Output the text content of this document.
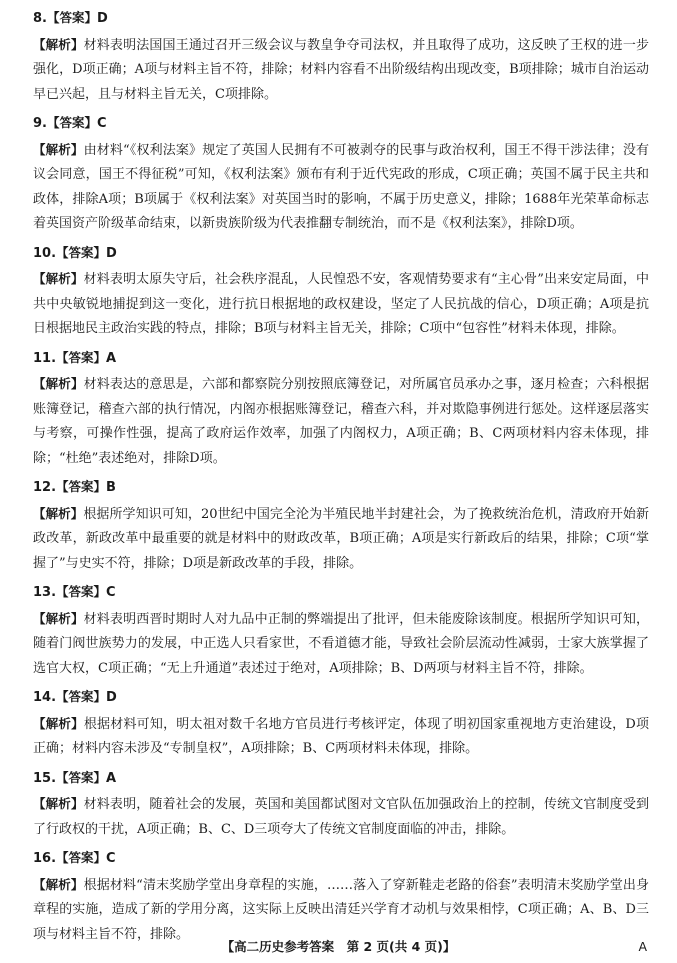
8.【答案】D
【解析】材料表明法国国王通过召开三级会议与教皇争夺司法权，并且取得了成功，这反映了王权的进一步强化，D项正确；A项与材料主旨不符，排除；材料内容看不出阶级结构出现改变，B项排除；城市自治运动早已兴起，且与材料主旨无关，C项排除。
9.【答案】C
【解析】由材料“《权利法案》规定了英国人民拥有不可被剥夺的民事与政治权利，国王不得干涉法律；没有议会同意，国王不得征税”可知，《权利法案》颁布有利于近代宪政的形成，C项正确；英国不属于民主共和政体，排除A项；B项属于《权利法案》对英国当时的影响，不属于历史意义，排除；1688年光荣革命标志着英国资产阶级革命结束，以新贵族阶级为代表推翻专制统治，而不是《权利法案》，排除D项。
10.【答案】D
【解析】材料表明太原失守后，社会秩序混乱，人民惶恐不安，客观情势要求有“主心骨”出来安定局面，中共中央敏锐地捕捉到这一变化，进行抗日根据地的政权建设，坚定了人民抗战的信心，D项正确；A项是抗日根据地民主政治实践的特点，排除；B项与材料主旨无关，排除；C项中“包容性”材料未体现，排除。
11.【答案】A
【解析】材料表达的意思是，六部和都察院分别按照底簿登记，对所属官员承办之事，逐月检查；六科根据账簿登记，稽查六部的执行情况，内阁亦根据账簿登记，稽查六科，并对欺隐事例进行惩处。这样逐层落实与考察，可操作性强，提高了政府运作效率，加强了内阁权力，A项正确；B、C两项材料内容未体现，排除；“杜绝”表述绝对，排除D项。
12.【答案】B
【解析】根据所学知识可知，20世纪中国完全沦为半殖民地半封建社会，为了挽救统治危机，清政府开始新政改革，新政改革中最重要的就是材料中的财政改革，B项正确；A项是实行新政后的结果，排除；C项“掌握了”与史实不符，排除；D项是新政改革的手段，排除。
13.【答案】C
【解析】材料表明西晋时期时人对九品中正制的弊端提出了批评，但未能废除该制度。根据所学知识可知，随着门阀世族势力的发展，中正选人只看家世，不看道德才能，导致社会阶层流动性减弱，士家大族掌握了选官大权，C项正确；“无上升通道”表述过于绝对，A项排除；B、D两项与材料主旨不符，排除。
14.【答案】D
【解析】根据材料可知，明太祖对数千名地方官员进行考核评定，体现了明初国家重视地方吏治建设，D项正确；材料内容未涉及“专制皇权”，A项排除；B、C两项材料未体现，排除。
15.【答案】A
【解析】材料表明，随着社会的发展，英国和美国都试图对文官队伍加强政治上的控制，传统文官制度受到了行政权的干扰，A项正确；B、C、D三项夸大了传统文官制度面临的冲击，排除。
16.【答案】C
【解析】根据材料“清末奖励学堂出身章程的实施，……落入了穿新鞋走老路的俗套”表明清末奖励学堂出身章程的实施，造成了新的学用分离，这实际上反映出清廷兴学育才动机与效果相悖，C项正确；A、B、D三项与材料主旨不符，排除。
【高二历史参考答案　第 2 页(共 4 页)】	A
